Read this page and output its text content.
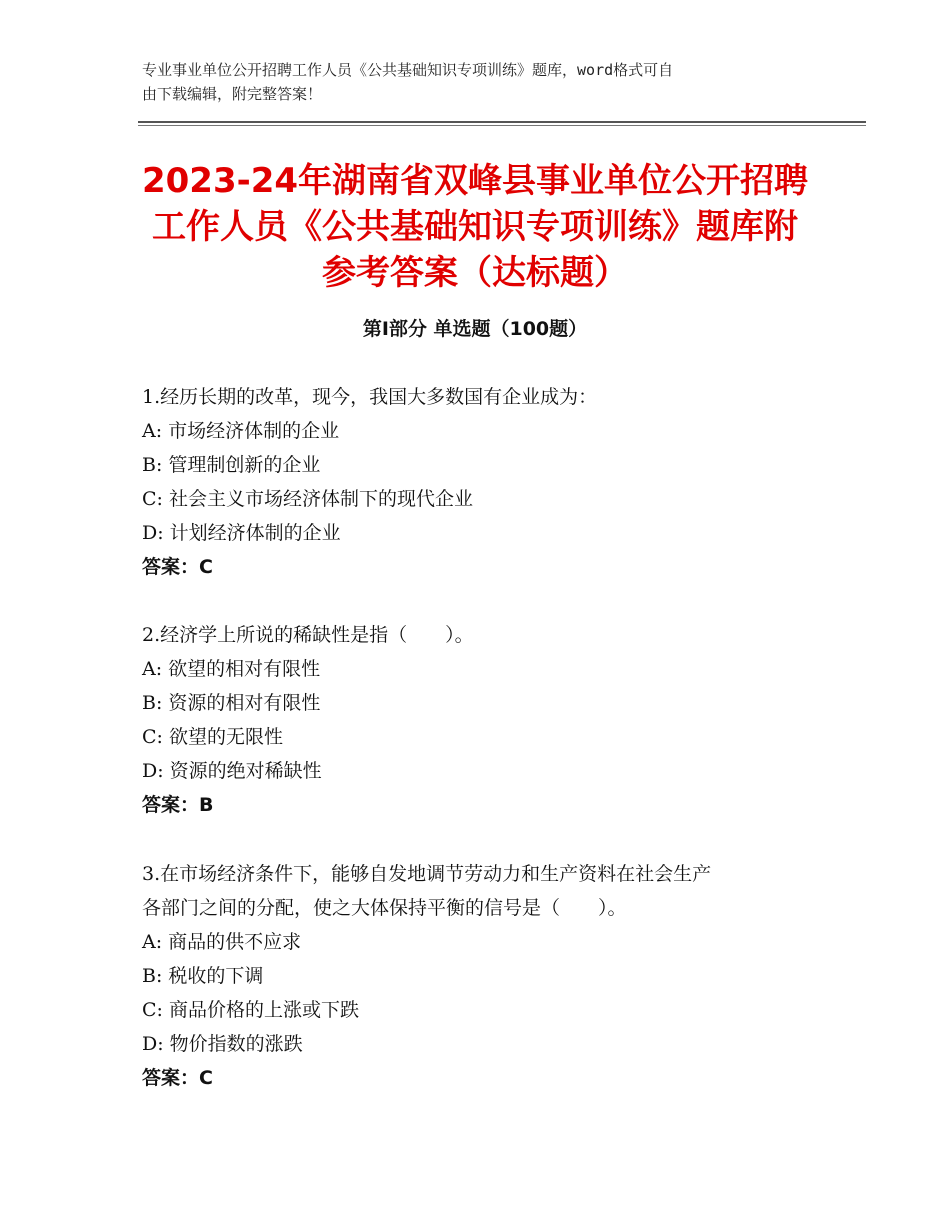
专业事业单位公开招聘工作人员《公共基础知识专项训练》题库，word格式可自
由下载编辑，附完整答案！
2023-24年湖南省双峰县事业单位公开招聘
工作人员《公共基础知识专项训练》题库附
参考答案（达标题）
第Ⅰ部分 单选题（100题）
1.经历长期的改革，现今，我国大多数国有企业成为：
A: 市场经济体制的企业
B: 管理制创新的企业
C: 社会主义市场经济体制下的现代企业
D: 计划经济体制的企业
答案：C
2.经济学上所说的稀缺性是指（　　）。
A: 欲望的相对有限性
B: 资源的相对有限性
C: 欲望的无限性
D: 资源的绝对稀缺性
答案：B
3.在市场经济条件下，能够自发地调节劳动力和生产资料在社会生产
各部门之间的分配，使之大体保持平衡的信号是（　　）。
A: 商品的供不应求
B: 税收的下调
C: 商品价格的上涨或下跌
D: 物价指数的涨跌
答案：C
